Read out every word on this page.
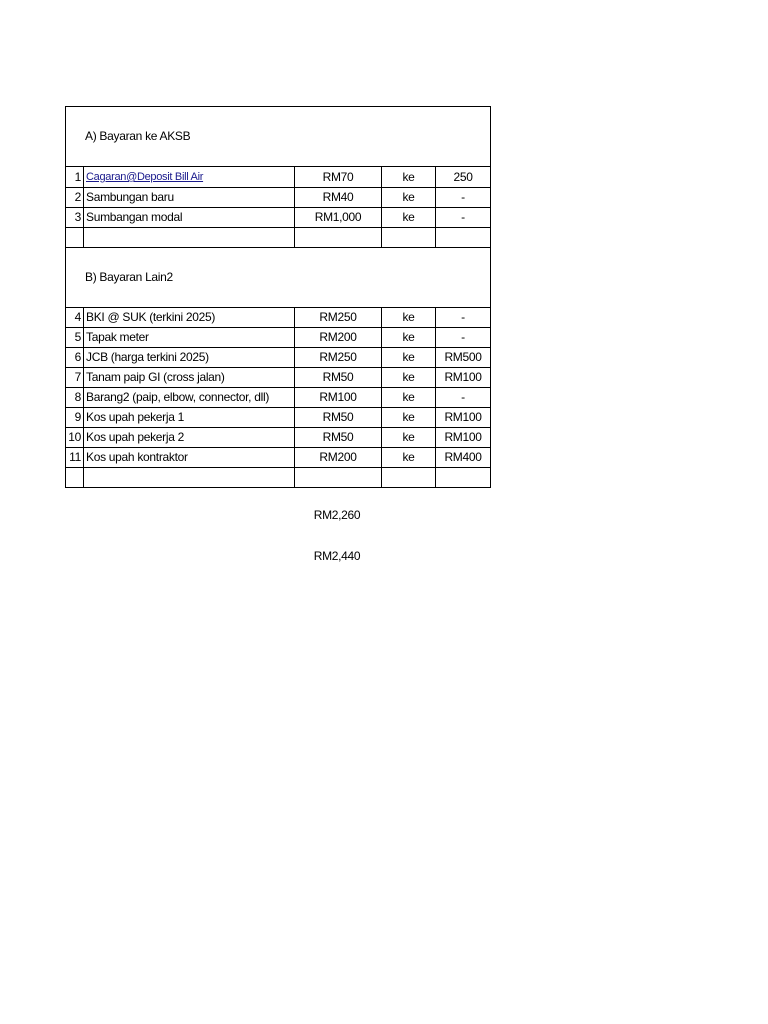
A) Bayaran ke AKSB				
1	Cagaran@Deposit Bill Air	RM70	ke	250
2	Sambungan baru	RM40	ke	-
3	Sumbangan modal	RM1,000	ke	-

B) Bayaran Lain2				
4	BKI @ SUK (terkini 2025)	RM250	ke	-
5	Tapak meter	RM200	ke	-
6	JCB (harga terkini 2025)	RM250	ke	RM500
7	Tanam paip GI (cross jalan)	RM50	ke	RM100
8	Barang2 (paip, elbow, connector, dll)	RM100	ke	-
9	Kos upah pekerja 1	RM50	ke	RM100
10	Kos upah pekerja 2	RM50	ke	RM100
11	Kos upah kontraktor	RM200	ke	RM400

RM2,260
RM2,440
